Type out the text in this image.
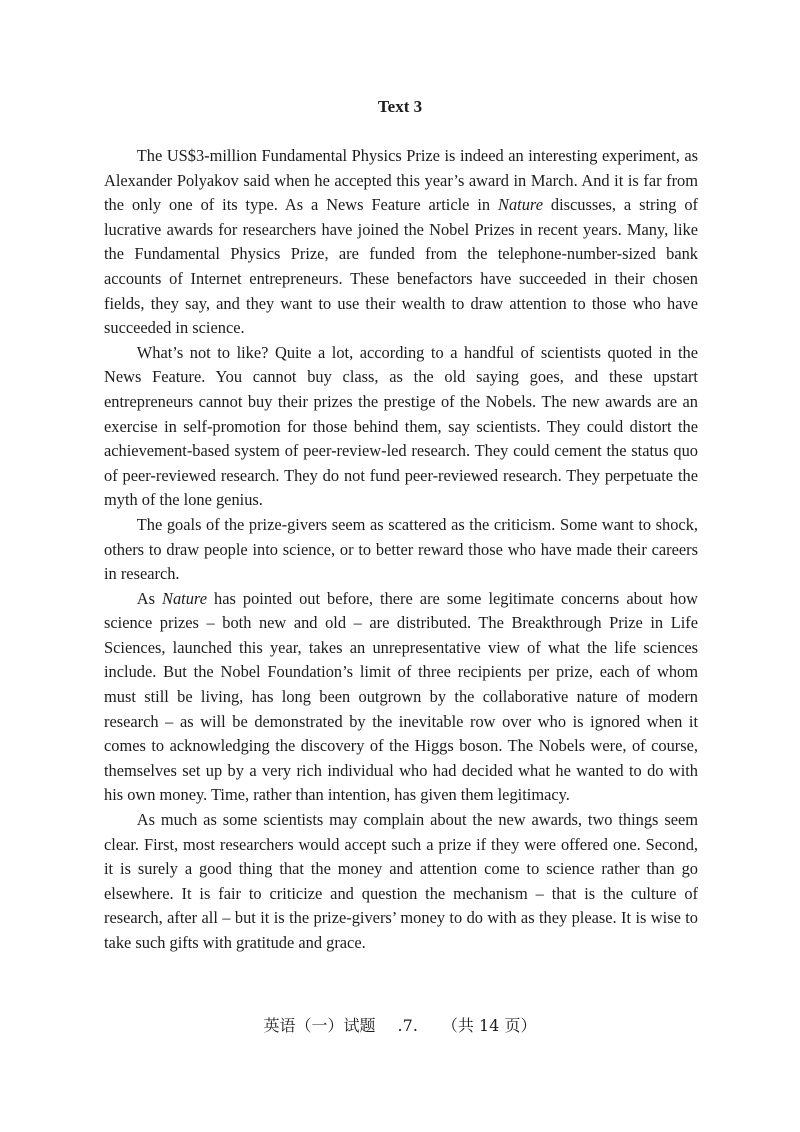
Text 3

The US$3-million Fundamental Physics Prize is indeed an interesting experiment, as Alexander Polyakov said when he accepted this year’s award in March. And it is far from the only one of its type. As a News Feature article in Nature discusses, a string of lucrative awards for researchers have joined the Nobel Prizes in recent years. Many, like the Fundamental Physics Prize, are funded from the telephone-number-sized bank accounts of Internet entrepreneurs. These benefactors have succeeded in their chosen fields, they say, and they want to use their wealth to draw attention to those who have succeeded in science.

What’s not to like? Quite a lot, according to a handful of scientists quoted in the News Feature. You cannot buy class, as the old saying goes, and these upstart entrepreneurs cannot buy their prizes the prestige of the Nobels. The new awards are an exercise in self-promotion for those behind them, say scientists. They could distort the achievement-based system of peer-review-led research. They could cement the status quo of peer-reviewed research. They do not fund peer-reviewed research. They perpetuate the myth of the lone genius.

The goals of the prize-givers seem as scattered as the criticism. Some want to shock, others to draw people into science, or to better reward those who have made their careers in research.

As Nature has pointed out before, there are some legitimate concerns about how science prizes – both new and old – are distributed. The Breakthrough Prize in Life Sciences, launched this year, takes an unrepresentative view of what the life sciences include. But the Nobel Foundation’s limit of three recipients per prize, each of whom must still be living, has long been outgrown by the collaborative nature of modern research – as will be demonstrated by the inevitable row over who is ignored when it comes to acknowledging the discovery of the Higgs boson. The Nobels were, of course, themselves set up by a very rich individual who had decided what he wanted to do with his own money. Time, rather than intention, has given them legitimacy.

As much as some scientists may complain about the new awards, two things seem clear. First, most researchers would accept such a prize if they were offered one. Second, it is surely a good thing that the money and attention come to science rather than go elsewhere. It is fair to criticize and question the mechanism – that is the culture of research, after all – but it is the prize-givers’ money to do with as they please. It is wise to take such gifts with gratitude and grace.

英语（一）试题 .7. （共 14 页）
